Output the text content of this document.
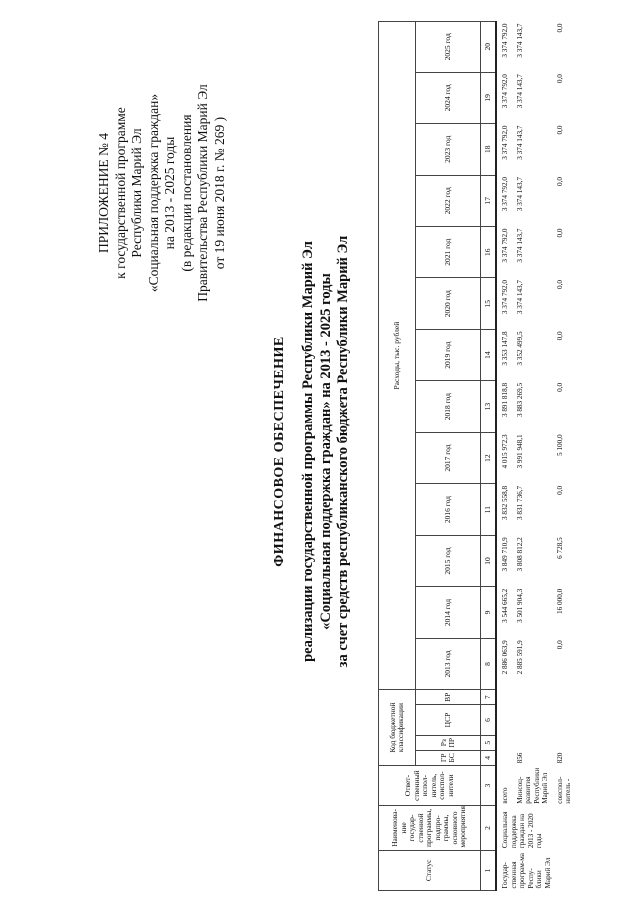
ПРИЛОЖЕНИЕ № 4 к государственной программе Республики Марий Эл «Социальная поддержка граждан» на 2013 - 2025 годы (в редакции постановления Правительства Республики Марий Эл от 19 июня 2018 г. № 269 )
ФИНАНСОВОЕ ОБЕСПЕЧЕНИЕ реализации государственной программы Республики Марий Эл «Социальная поддержка граждан» на 2013 - 2025 годы за счет средств республиканского бюджета Республики Марий Эл
Статус	Наименова-ние государ-ственной программы, подпро-граммы, основного мероприятия	Ответ-ственный испол-нитель, соиспол-нители	Код бюджетной классификации				Расходы, тыс. рублей												
			ГР БС	Рз ПР	ЦСР	ВР	2013 год	2014 год	2015 год	2016 год	2017 год	2018 год	2019 год	2020 год	2021 год	2022 год	2023 год	2024 год	2025 год
1	2	3	4	5	6	7	8	9	10	11	12	13	14	15	16	17	18	19	20
Государ-ственная програм-ма Респу-блики Марий Эл	Социальная поддержка граждан на 2013 - 2020 годы	всего					2 886 063,9	3 544 665,2	3 849 710,9	3 832 558,8	4 015 972,3	3 891 818,8	3 353 147,8	3 374 792,0	3 374 792,0	3 374 792,0	3 374 792,0	3 374 792,0	3 374 792,0
		Минсоц-развития Республики Марий Эл	856				2 885 591,9	3 501 904,3	3 808 812,2	3 831 736,7	3 991 948,1	3 883 269,5	3 352 499,5	3 374 143,7	3 374 143,7	3 374 143,7	3 374 143,7	3 374 143,7	3 374 143,7
		соиспол-нитель -	820				0,0	16 000,0	6 728,5	0,0	5 100,0	0,0	0,0	0,0	0,0	0,0	0,0	0,0	0,0
